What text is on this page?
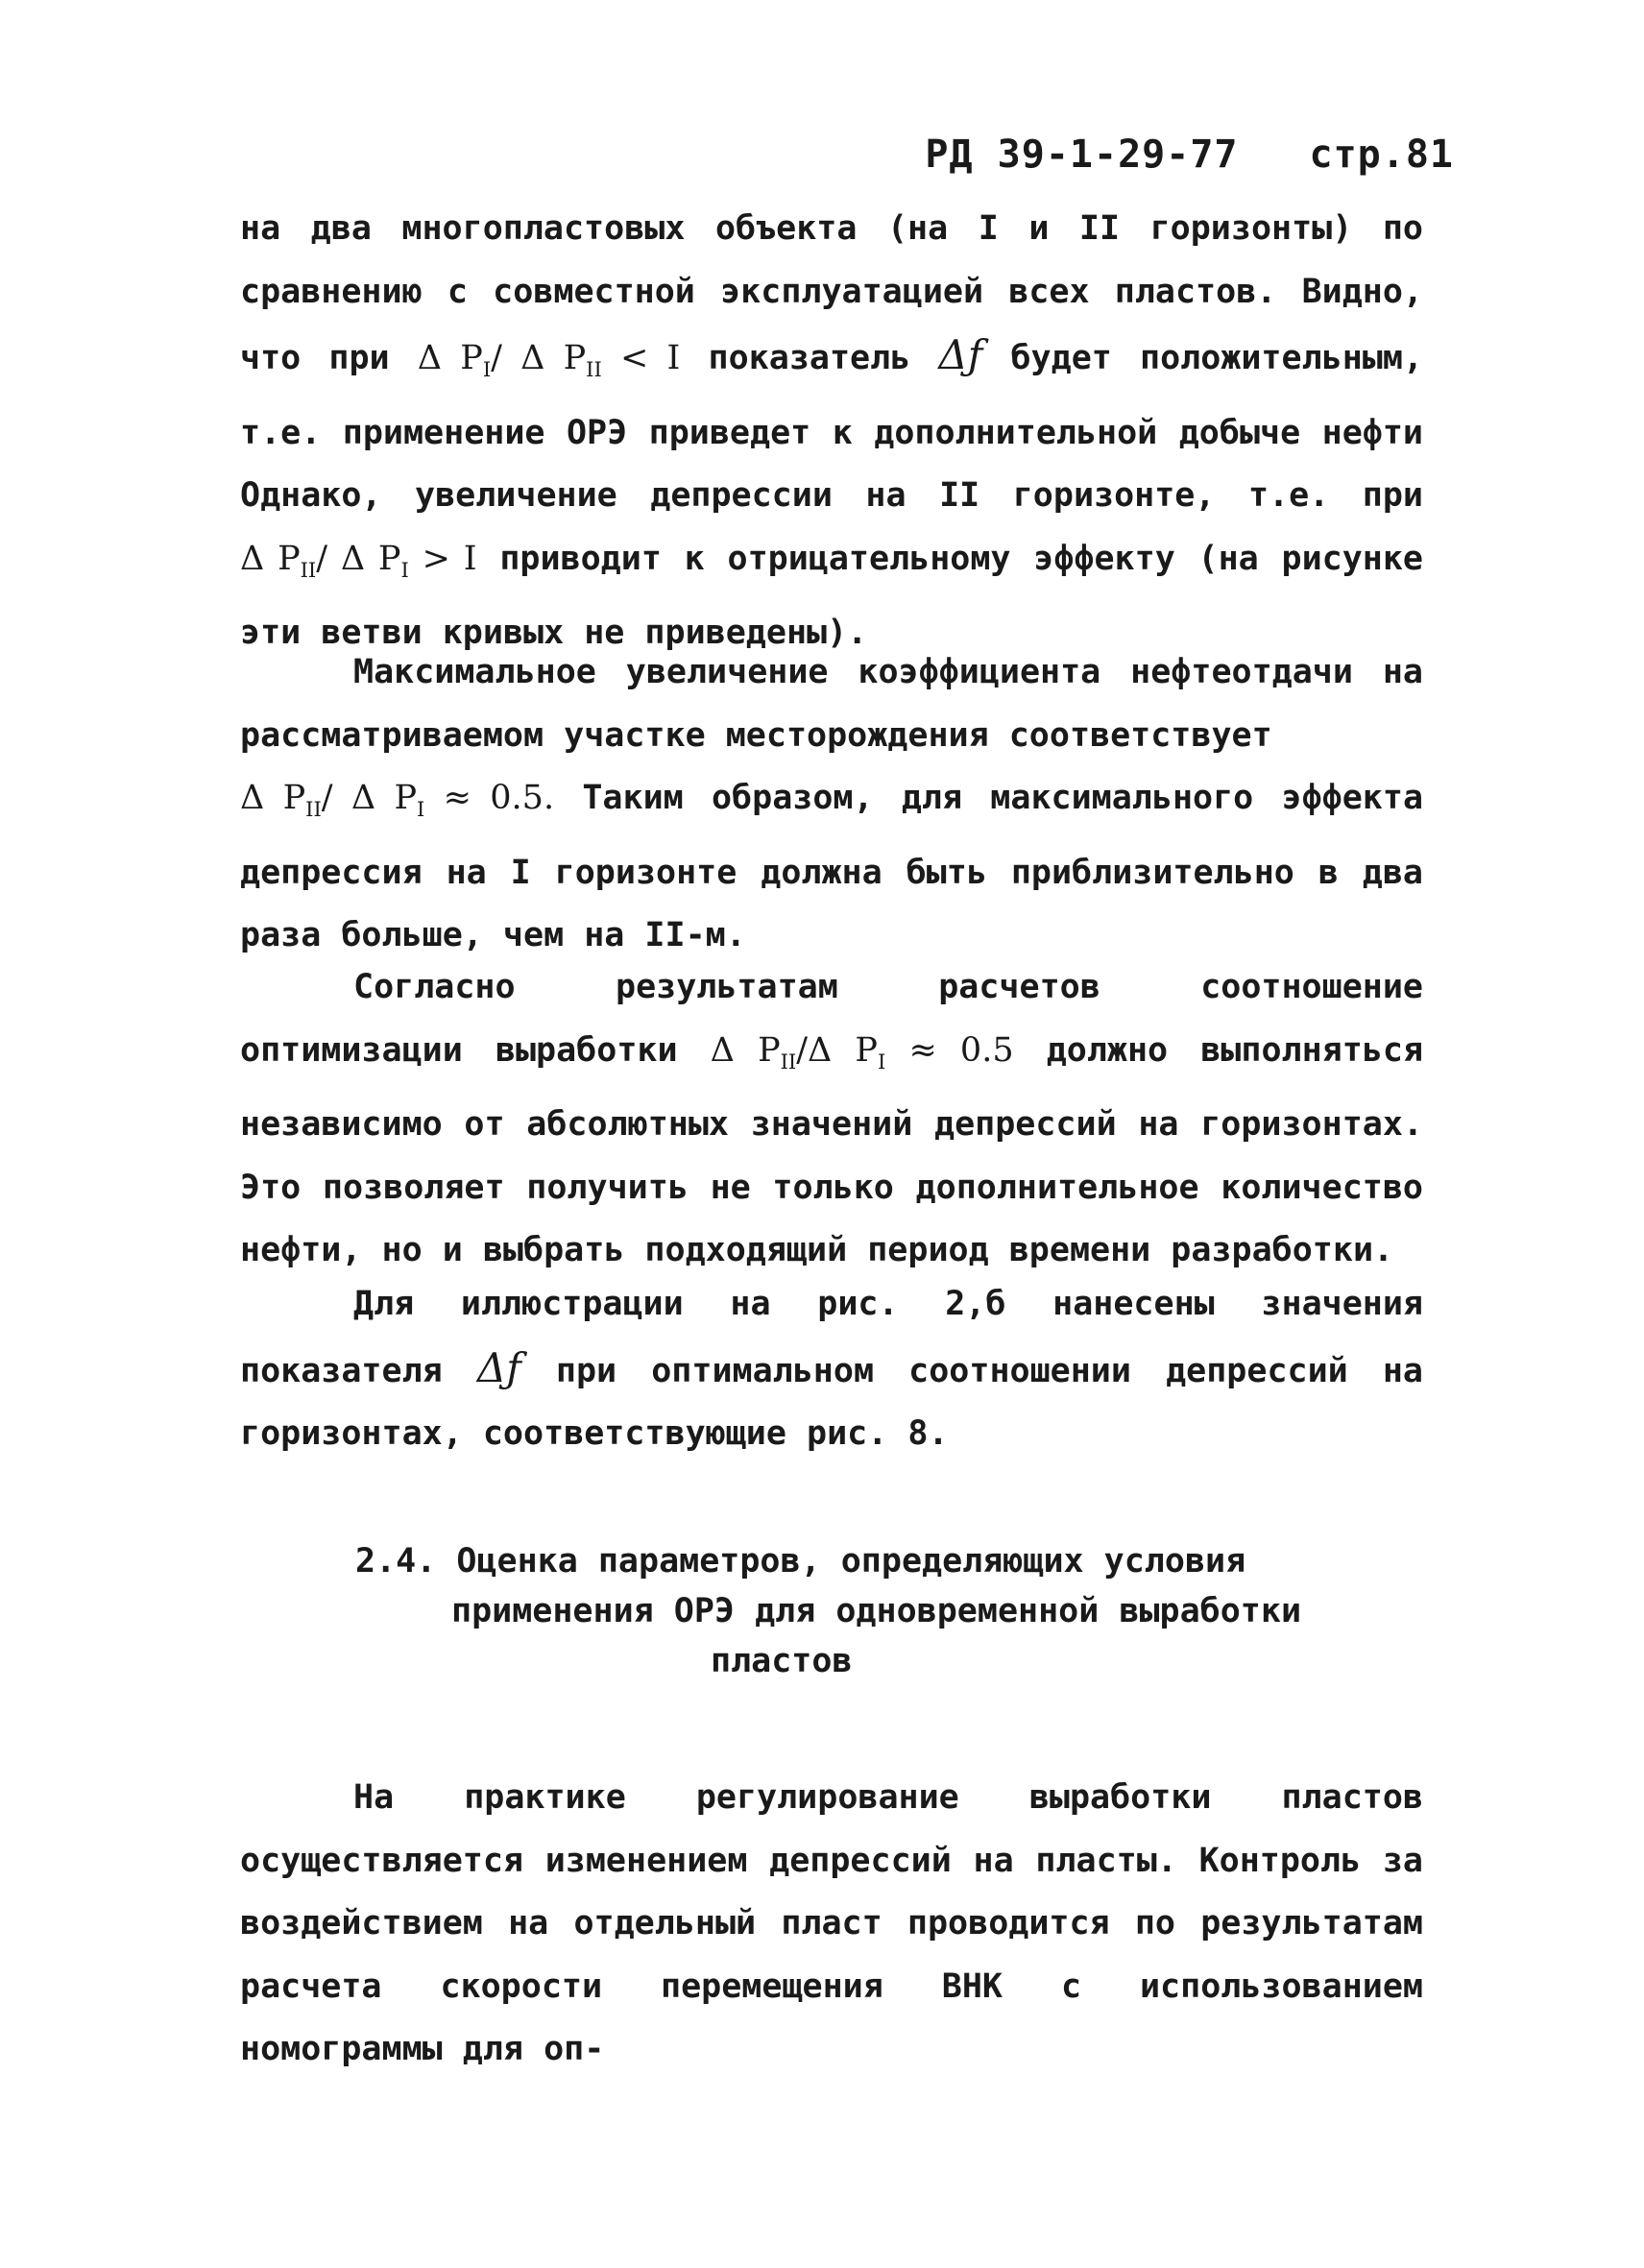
РД 39-1-29-77 стр.81
на два многопластовых объекта (на I и II горизонты) по сравнению с совместной эксплуатацией всех пластов. Видно, что при Δ $P_I/$ Δ $P_{II} < I$ показатель Δƒ будет положительным, т.е. применение ОРЭ приведет к дополнительной добыче нефти Однако, увеличение депрессии на II горизонте, т.е. при Δ $P_{II}/$ Δ $P_I > I$ приводит к отрицательному эффекту (на рисунке эти ветви кривых не приведены).
Максимальное увеличение коэффициента нефтеотдачи на рассматриваемом участке месторождения соответствует
Δ $P_{II}/$ Δ $P_I \approx 0.5$. Таким образом, для максимального эффекта депрессия на I горизонте должна быть приблизительно в два раза больше, чем на II-м.
Согласно результатам расчетов соотношение оптимизации выработки Δ $P_{II}/\Delta$ $P_I \approx 0.5$ должно выполняться независимо от абсолютных значений депрессий на горизонтах. Это позволяет получить не только дополнительное количество нефти, но и выбрать подходящий период времени разработки.
Для иллюстрации на рис. 2,б нанесены значения показателя Δƒ при оптимальном соотношении депрессий на горизонтах, соответствующие рис. 8.
2.4. Оценка параметров, определяющих условия
применения ОРЭ для одновременной выработки
пластов
На практике регулирование выработки пластов осуществляется изменением депрессий на пласты. Контроль за воздействием на отдельный пласт проводится по результатам расчета скорости перемещения ВНК с использованием номограммы для оп-
